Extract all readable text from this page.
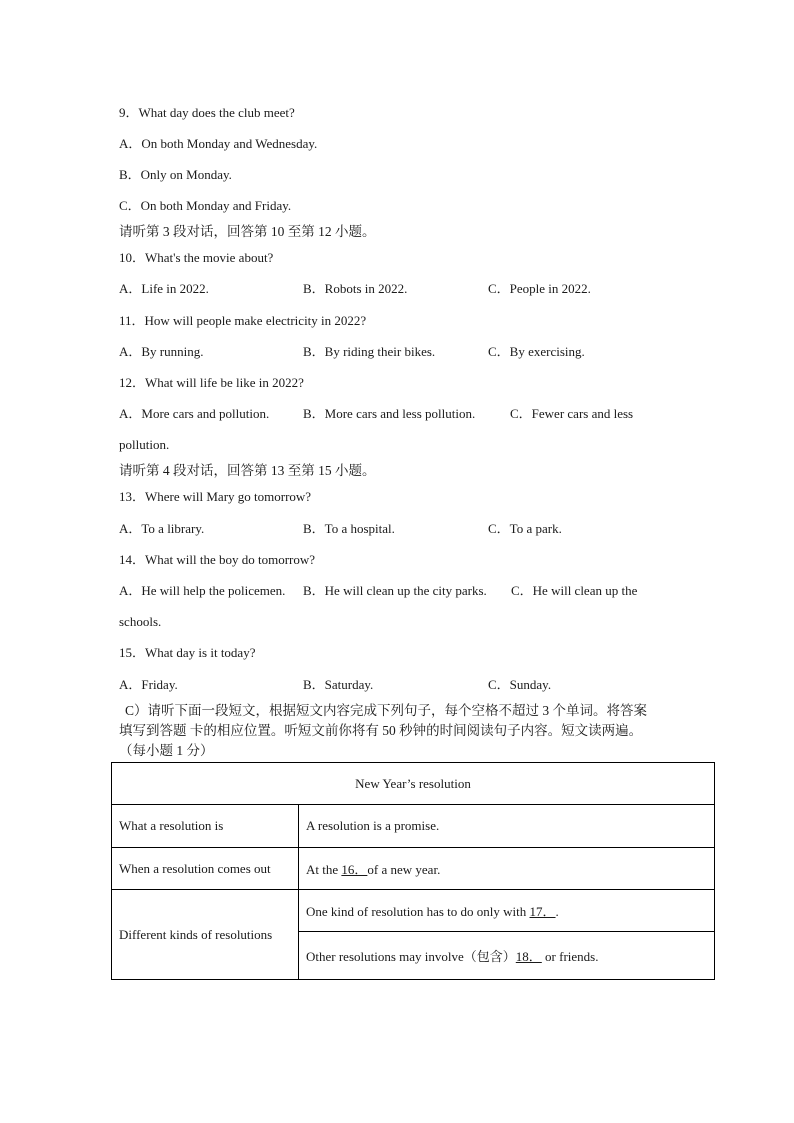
9．What day does the club meet?
A．On both Monday and Wednesday.
B．Only on Monday.
C．On both Monday and Friday.
请听第 3 段对话，回答第 10 至第 12 小题。
10．What's the movie about?
A．Life in 2022.	B．Robots in 2022.	C．People in 2022.
11．How will people make electricity in 2022?
A．By running.	B．By riding their bikes.	C．By exercising.
12．What will life be like in 2022?
A．More cars and pollution.	B．More cars and less pollution.	C．Fewer cars and less
pollution.
请听第 4 段对话，回答第 13 至第 15 小题。
13．Where will Mary go tomorrow?
A．To a library.	B．To a hospital.	C．To a park.
14．What will the boy do tomorrow?
A．He will help the policemen. B．He will clean up the city parks. C．He will clean up the
schools.
15．What day is it today?
A．Friday.	B．Saturday.	C．Sunday.
C）请听下面一段短文，根据短文内容完成下列句子，每个空格不超过 3 个单词。将答案
填写到答题 卡的相应位置。听短文前你将有 50 秒钟的时间阅读句子内容。短文读两遍。
（每小题 1 分）
New Year’s resolution	
What a resolution is	A resolution is a promise.
When a resolution comes out	At the 16．of a new year.
Different kinds of resolutions	One kind of resolution has to do only with 17．.
	Other resolutions may involve（包含）18． or friends.
